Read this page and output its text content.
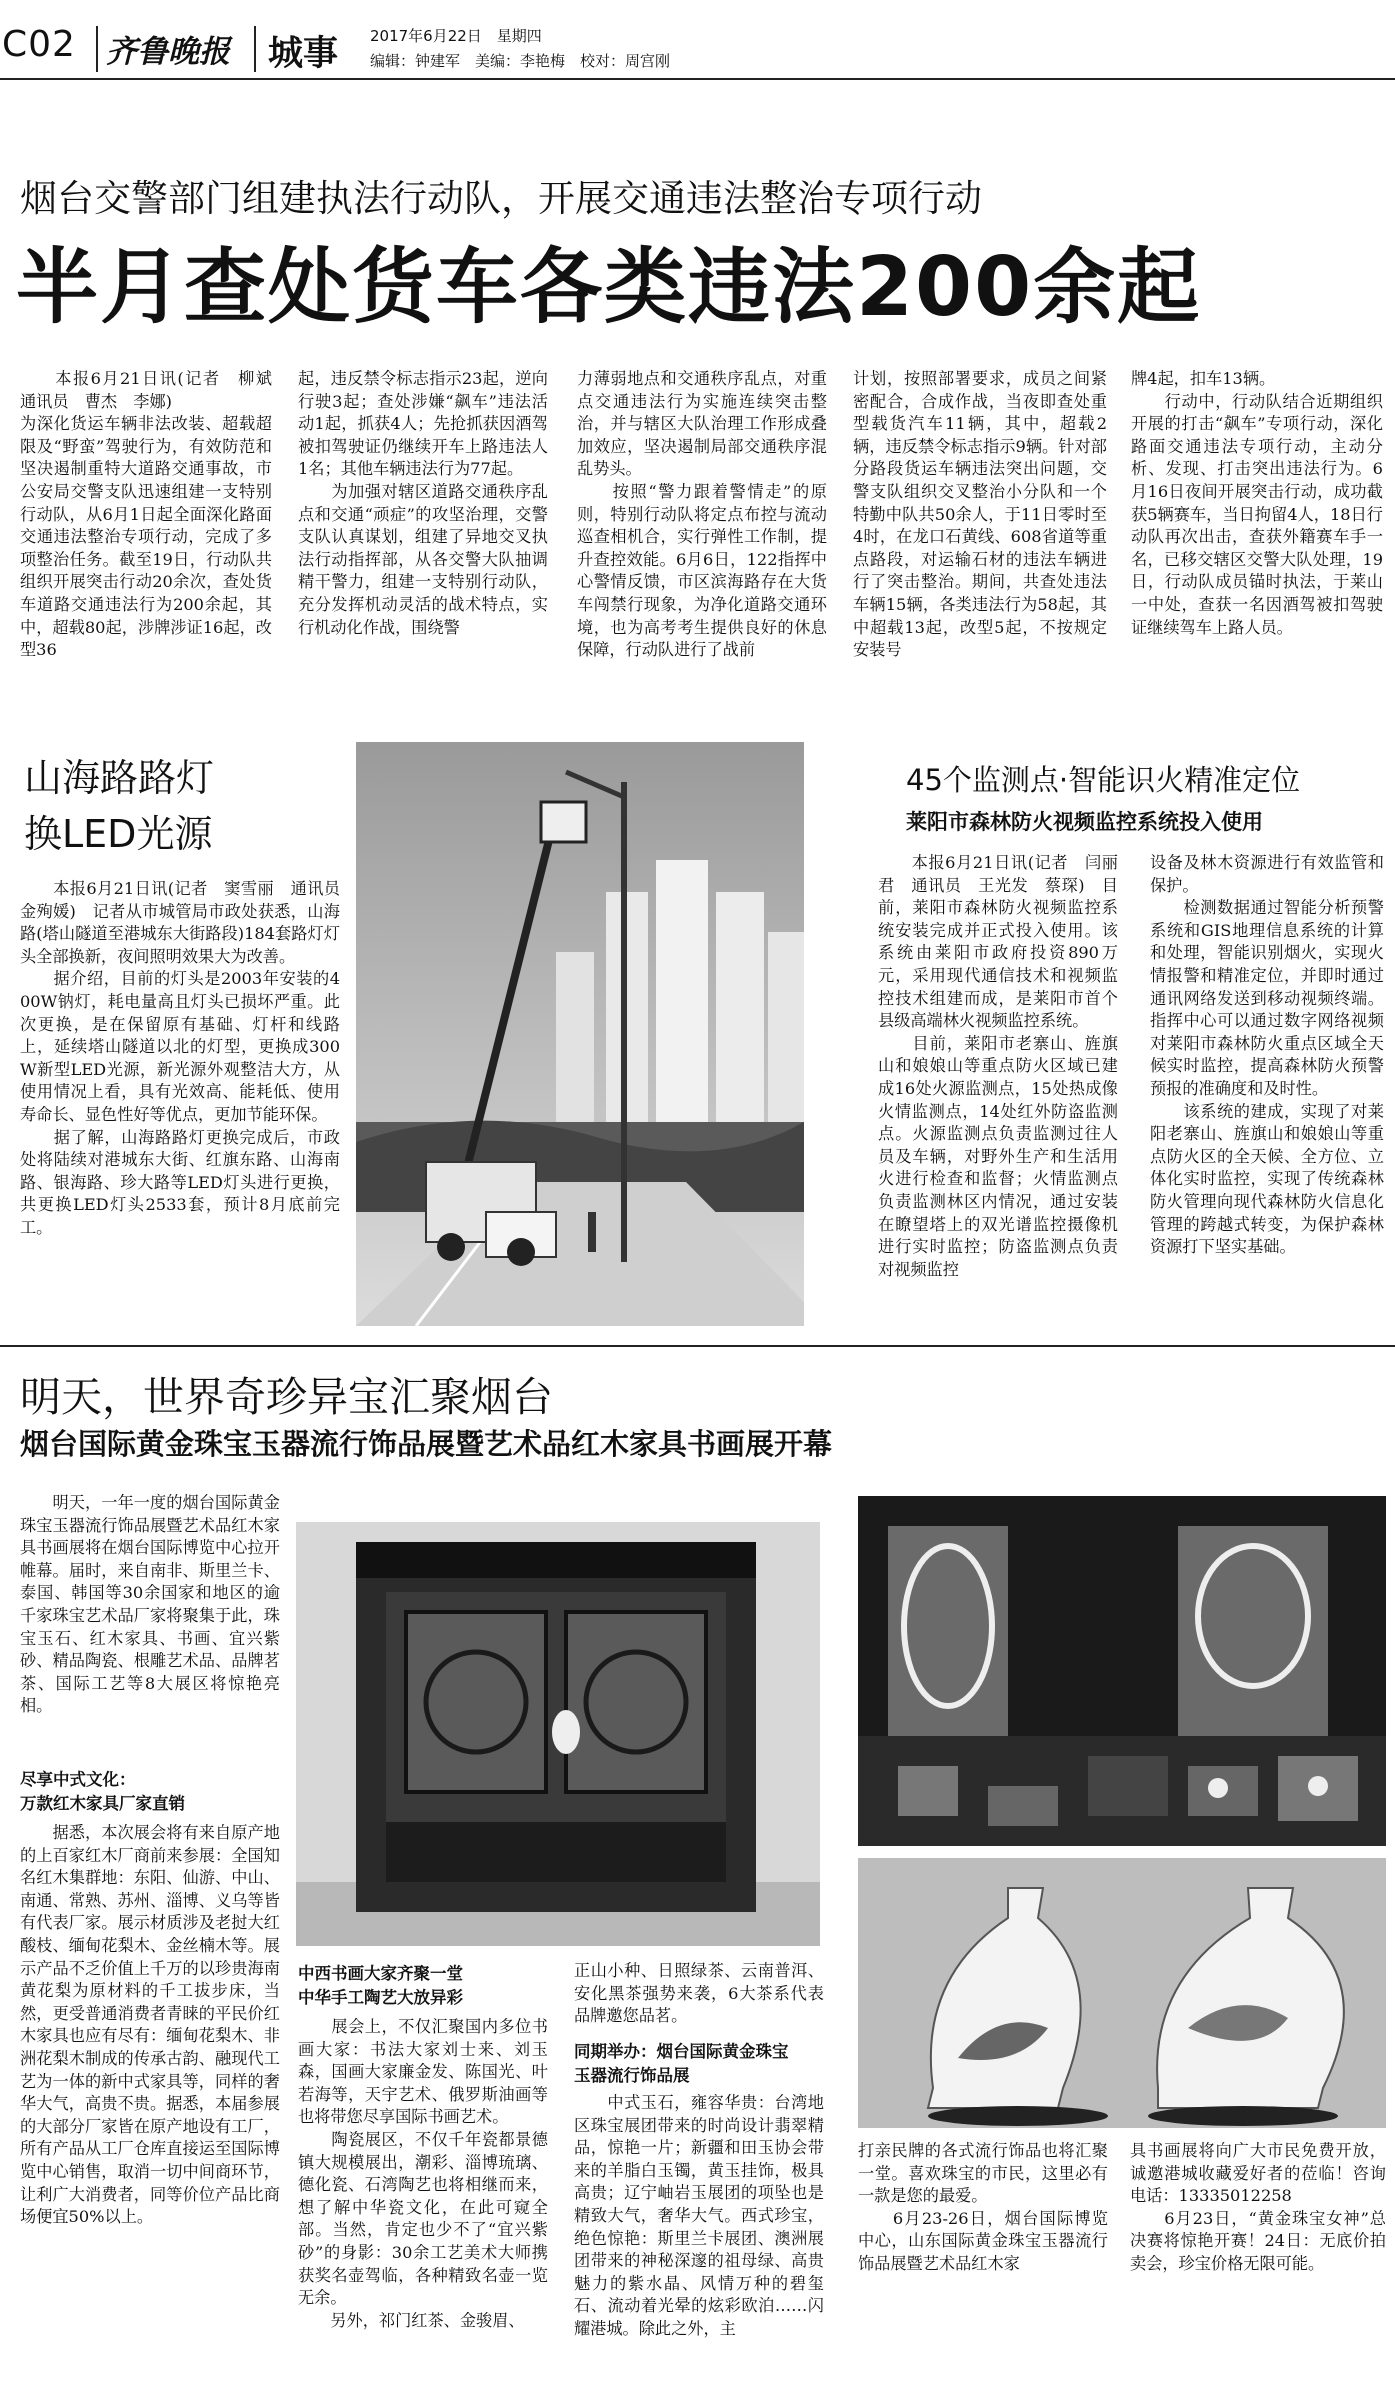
C02 齐鲁晚报 城事 2017年6月22日　星期四
编辑：钟建军　美编：李艳梅　校对：周宫刚
烟台交警部门组建执法行动队，开展交通违法整治专项行动
半月查处货车各类违法200余起
　　本报6月21日讯(记者　柳斌　通讯员　曹杰　李娜)
为深化货运车辆非法改装、超载超限及“野蛮”驾驶行为，有效防范和坚决遏制重特大道路交通事故，市公安局交警支队迅速组建一支特别行动队，从6月1日起全面深化路面交通违法整治专项行动，完成了多项整治任务。截至19日，行动队共组织开展突击行动20余次，查处货车道路交通违法行为200余起，其中，超载80起，涉牌涉证16起，改型36
起，违反禁令标志指示23起，逆向行驶3起；查处涉嫌“飙车”违法活动1起，抓获4人；先抢抓获因酒驾被扣驾驶证仍继续开车上路违法人1名；其他车辆违法行为77起。
　　为加强对辖区道路交通秩序乱点和交通“顽症”的攻坚治理，交警支队认真谋划，组建了异地交叉执法行动指挥部，从各交警大队抽调精干警力，组建一支特别行动队，充分发挥机动灵活的战术特点，实行机动化作战，围绕警
力薄弱地点和交通秩序乱点，对重点交通违法行为实施连续突击整治，并与辖区大队治理工作形成叠加效应，坚决遏制局部交通秩序混乱势头。
　　按照“警力跟着警情走”的原则，特别行动队将定点布控与流动巡查相机合，实行弹性工作制，提升查控效能。6月6日，122指挥中心警情反馈，市区滨海路存在大货车闯禁行现象，为净化道路交通环境，也为高考考生提供良好的休息保障，行动队进行了战前
计划，按照部署要求，成员之间紧密配合，合成作战，当夜即查处重型载货汽车11辆，其中，超载2辆，违反禁令标志指示9辆。针对部分路段货运车辆违法突出问题，交警支队组织交叉整治小分队和一个特勤中队共50余人，于11日零时至4时，在龙口石黄线、608省道等重点路段，对运输石材的违法车辆进行了突击整治。期间，共查处违法车辆15辆，各类违法行为58起，其中超载13起，改型5起，不按规定安装号
牌4起，扣车13辆。
　　行动中，行动队结合近期组织开展的打击“飙车”专项行动，深化路面交通违法专项行动，主动分析、发现、打击突出违法行为。6月16日夜间开展突击行动，成功截获5辆赛车，当日拘留4人，18日行动队再次出击，查获外籍赛车手一名，已移交辖区交警大队处理，19日，行动队成员锚时执法，于莱山一中处，查获一名因酒驾被扣驾驶证继续驾车上路人员。
山海路路灯
换LED光源
　　本报6月21日讯(记者　窦雪丽　通讯员　金殉媛)　记者从市城管局市政处获悉，山海路(塔山隧道至港城东大街路段)184套路灯灯头全部换新，夜间照明效果大为改善。
　　据介绍，目前的灯头是2003年安装的400W钠灯，耗电量高且灯头已损坏严重。此次更换，是在保留原有基础、灯杆和线路上，延续塔山隧道以北的灯型，更换成300W新型LED光源，新光源外观整洁大方，从使用情况上看，具有光效高、能耗低、使用寿命长、显色性好等优点，更加节能环保。
　　据了解，山海路路灯更换完成后，市政处将陆续对港城东大街、红旗东路、山海南路、银海路、珍大路等LED灯头进行更换，共更换LED灯头2533套，预计8月底前完工。
45个监测点·智能识火精准定位
莱阳市森林防火视频监控系统投入使用
　　本报6月21日讯(记者　闫丽君　通讯员　王光发　蔡琛)　目前，莱阳市森林防火视频监控系统安装完成并正式投入使用。该系统由莱阳市政府投资890万元，采用现代通信技术和视频监控技术组建而成，是莱阳市首个县级高端林火视频监控系统。
　　目前，莱阳市老寨山、旌旗山和娘娘山等重点防火区域已建成16处火源监测点，15处热成像火情监测点，14处红外防盗监测点。火源监测点负责监测过往人员及车辆，对野外生产和生活用火进行检查和监督；火情监测点负责监测林区内情况，通过安装在瞭望塔上的双光谱监控摄像机进行实时监控；防盗监测点负责对视频监控
设备及林木资源进行有效监管和保护。
　　检测数据通过智能分析预警系统和GIS地理信息系统的计算和处理，智能识别烟火，实现火情报警和精准定位，并即时通过通讯网络发送到移动视频终端。指挥中心可以通过数字网络视频对莱阳市森林防火重点区域全天候实时监控，提高森林防火预警预报的准确度和及时性。
　　该系统的建成，实现了对莱阳老寨山、旌旗山和娘娘山等重点防火区的全天候、全方位、立体化实时监控，实现了传统森林防火管理向现代森林防火信息化管理的跨越式转变，为保护森林资源打下坚实基础。
明天，世界奇珍异宝汇聚烟台
烟台国际黄金珠宝玉器流行饰品展暨艺术品红木家具书画展开幕
　　明天，一年一度的烟台国际黄金珠宝玉器流行饰品展暨艺术品红木家具书画展将在烟台国际博览中心拉开帷幕。届时，来自南非、斯里兰卡、泰国、韩国等30余国家和地区的逾千家珠宝艺术品厂家将聚集于此，珠宝玉石、红木家具、书画、宜兴紫砂、精品陶瓷、根雕艺术品、品牌茗茶、国际工艺等8大展区将惊艳亮相。
尽享中式文化：
万款红木家具厂家直销
　　据悉，本次展会将有来自原产地的上百家红木厂商前来参展：全国知名红木集群地：东阳、仙游、中山、南通、常熟、苏州、淄博、义乌等皆有代表厂家。展示材质涉及老挝大红酸枝、缅甸花梨木、金丝楠木等。展示产品不乏价值上千万的以珍贵海南黄花梨为原材料的千工拔步床，当然，更受普通消费者青睐的平民价红木家具也应有尽有：缅甸花梨木、非洲花梨木制成的传承古韵、融现代工艺为一体的新中式家具等，同样的奢华大气，高贵不贵。据悉，本届参展的大部分厂家皆在原产地设有工厂，所有产品从工厂仓库直接运至国际博览中心销售，取消一切中间商环节，让利广大消费者，同等价位产品比商场便宜50%以上。
中西书画大家齐聚一堂
中华手工陶艺大放异彩
　　展会上，不仅汇聚国内多位书画大家：书法大家刘士来、刘玉森，国画大家廉金发、陈国光、叶若海等，天宇艺术、俄罗斯油画等也将带您尽享国际书画艺术。
　　陶瓷展区，不仅千年瓷都景德镇大规模展出，潮彩、淄博琉璃、德化瓷、石湾陶艺也将相继而来，想了解中华瓷文化，在此可窥全部。当然，肯定也少不了“宜兴紫砂”的身影：30余工艺美术大师携获奖名壶驾临，各种精致名壶一览无余。
　　另外，祁门红茶、金骏眉、
正山小种、日照绿茶、云南普洱、安化黑茶强势来袭，6大茶系代表品牌邀您品茗。
同期举办：烟台国际黄金珠宝
玉器流行饰品展
　　中式玉石，雍容华贵：台湾地区珠宝展团带来的时尚设计翡翠精品，惊艳一片；新疆和田玉协会带来的羊脂白玉镯，黄玉挂饰，极具高贵；辽宁岫岩玉展团的项坠也是精致大气，奢华大气。西式珍宝，绝色惊艳：斯里兰卡展团、澳洲展团带来的神秘深邃的祖母绿、高贵魅力的紫水晶、风情万种的碧玺石、流动着光晕的炫彩欧泊……闪耀港城。除此之外，主
打亲民牌的各式流行饰品也将汇聚一堂。喜欢珠宝的市民，这里必有一款是您的最爱。
　　6月23-26日，烟台国际博览中心，山东国际黄金珠宝玉器流行饰品展暨艺术品红木家
具书画展将向广大市民免费开放，诚邀港城收藏爱好者的莅临！咨询电话：13335012258
　　6月23日，“黄金珠宝女神”总决赛将惊艳开赛！24日：无底价拍卖会，珍宝价格无限可能。
